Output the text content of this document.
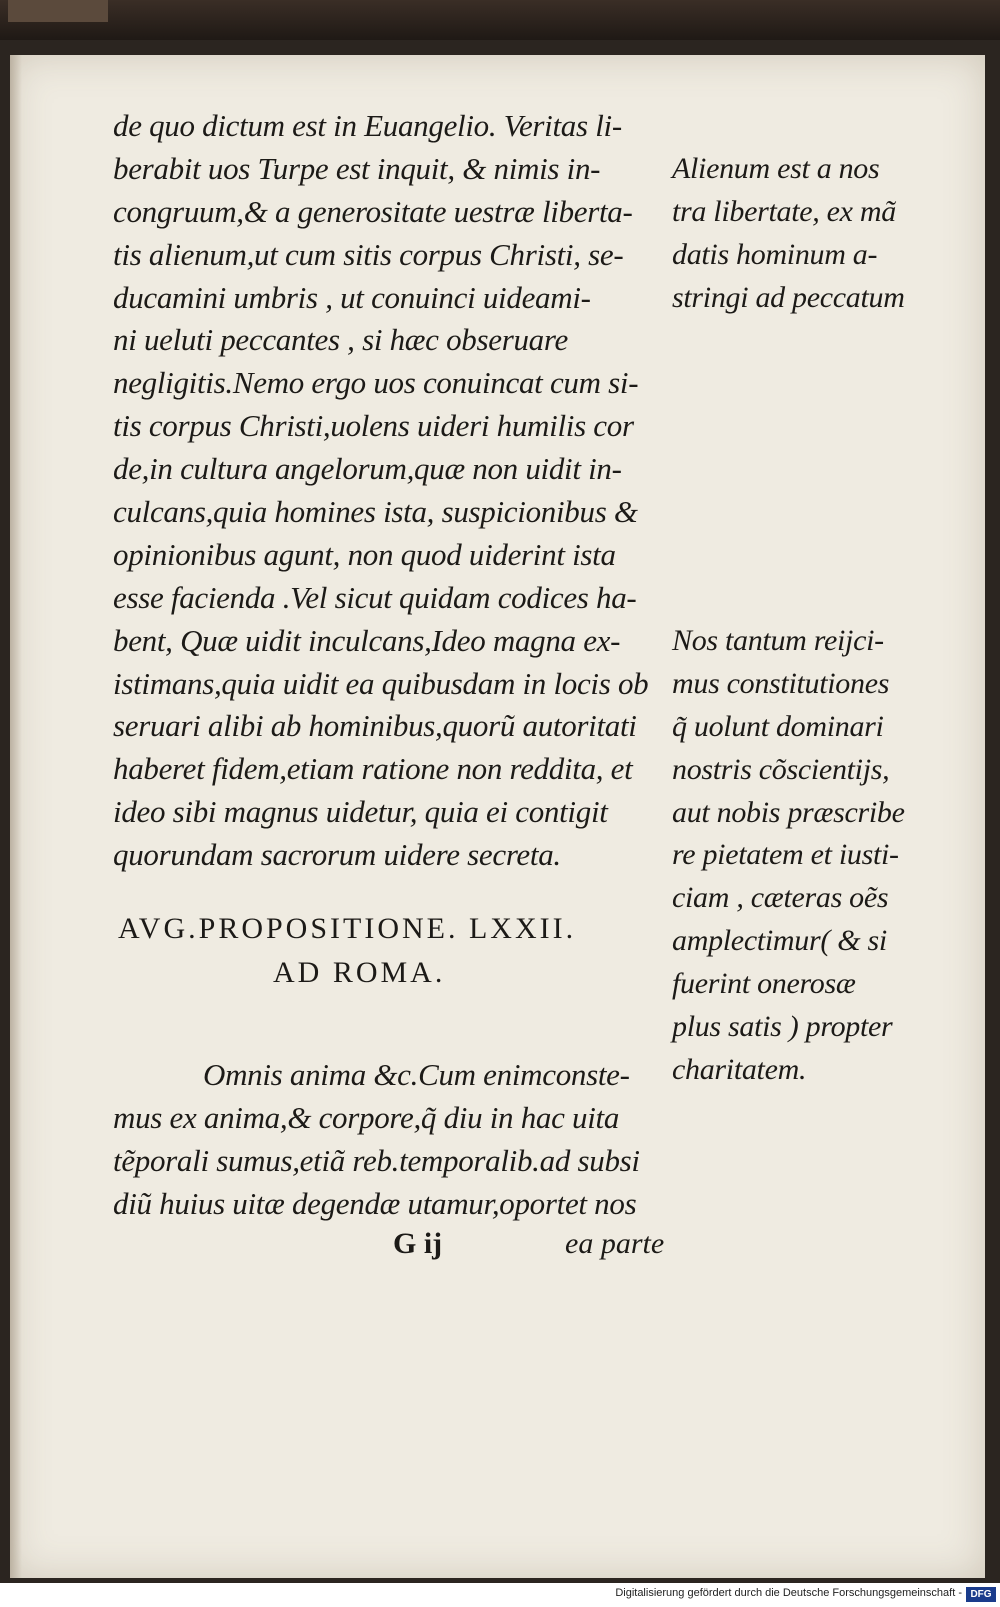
de quo dictum est in Euangelio. Veritas li-
berabit uos Turpe est inquit, & nimis in-
congruum,& a generositate uestræ liberta-
tis alienum,ut cum sitis corpus Christi, se-
ducamini umbris , ut conuinci uideami-
ni ueluti peccantes , si hæc obseruare
negligitis.Nemo ergo uos conuincat cum si-
tis corpus Christi,uolens uideri humilis cor
de,in cultura angelorum,quæ non uidit in-
culcans,quia homines ista, suspicionibus &
opinionibus agunt, non quod uiderint ista
esse facienda .Vel sicut quidam codices ha-
bent, Quæ uidit inculcans,Ideo magna ex-
istimans,quia uidit ea quibusdam in locis ob
seruari alibi ab hominibus,quorũ autoritati
haberet fidem,etiam ratione non reddita, et
ideo sibi magnus uidetur, quia ei contigit
quorundam sacrorum uidere secreta.
Alienum est a nos
tra libertate, ex mã
datis hominum a-
stringi ad peccatum
Nos tantum reijci-
mus constitutiones
q̃ uolunt dominari
nostris cõscientijs,
aut nobis præscribe
re pietatem et iusti-
ciam , cæteras oẽs
amplectimur( & si
fuerint onerosæ
plus satis ) propter
charitatem.
AVG.PROPOSITIONE. LXXII.
AD ROMA.
Omnis anima &c.Cum enimconste-
mus ex anima,& corpore,q̃ diu in hac uita
tẽporali sumus,etiã reb.temporalib.ad subsi
diũ huius uitæ degendæ utamur,oportet nos
G ij	ea parte
Digitalisierung gefördert durch die Deutsche Forschungsgemeinschaft - DFG
